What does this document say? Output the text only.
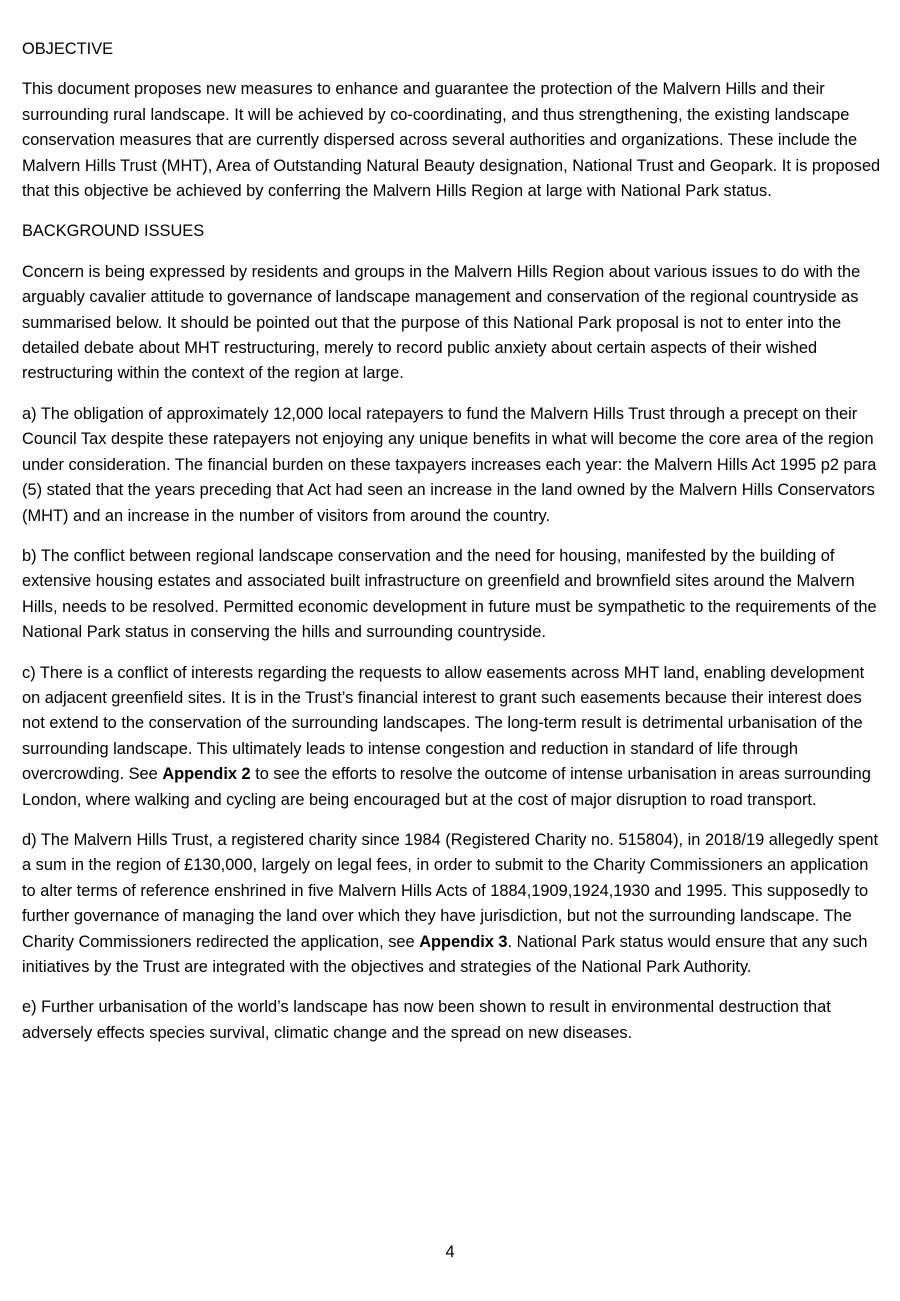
OBJECTIVE

This document proposes new measures to enhance and guarantee the protection of the Malvern Hills and their surrounding rural landscape. It will be achieved by co-coordinating, and thus strengthening, the existing landscape conservation measures that are currently dispersed across several authorities and organizations. These include the Malvern Hills Trust (MHT), Area of Outstanding Natural Beauty designation, National Trust and Geopark. It is proposed that this objective be achieved by conferring the Malvern Hills Region at large with National Park status.

BACKGROUND ISSUES

Concern is being expressed by residents and groups in the Malvern Hills Region about various issues to do with the arguably cavalier attitude to governance of landscape management and conservation of the regional countryside as summarised below. It should be pointed out that the purpose of this National Park proposal is not to enter into the detailed debate about MHT restructuring, merely to record public anxiety about certain aspects of their wished restructuring within the context of the region at large.

a) The obligation of approximately 12,000 local ratepayers to fund the Malvern Hills Trust through a precept on their Council Tax despite these ratepayers not enjoying any unique benefits in what will become the core area of the region under consideration. The financial burden on these taxpayers increases each year: the Malvern Hills Act 1995 p2 para (5) stated that the years preceding that Act had seen an increase in the land owned by the Malvern Hills Conservators (MHT) and an increase in the number of visitors from around the country.

b) The conflict between regional landscape conservation and the need for housing, manifested by the building of extensive housing estates and associated built infrastructure on greenfield and brownfield sites around the Malvern Hills, needs to be resolved. Permitted economic development in future must be sympathetic to the requirements of the National Park status in conserving the hills and surrounding countryside.

c) There is a conflict of interests regarding the requests to allow easements across MHT land, enabling development on adjacent greenfield sites. It is in the Trust’s financial interest to grant such easements because their interest does not extend to the conservation of the surrounding landscapes. The long-term result is detrimental urbanisation of the surrounding landscape. This ultimately leads to intense congestion and reduction in standard of life through overcrowding. See Appendix 2 to see the efforts to resolve the outcome of intense urbanisation in areas surrounding London, where walking and cycling are being encouraged but at the cost of major disruption to road transport.

d) The Malvern Hills Trust, a registered charity since 1984 (Registered Charity no. 515804), in 2018/19 allegedly spent a sum in the region of £130,000, largely on legal fees, in order to submit to the Charity Commissioners an application to alter terms of reference enshrined in five Malvern Hills Acts of 1884,1909,1924,1930 and 1995. This supposedly to further governance of managing the land over which they have jurisdiction, but not the surrounding landscape. The Charity Commissioners redirected the application, see Appendix 3. National Park status would ensure that any such initiatives by the Trust are integrated with the objectives and strategies of the National Park Authority.

e) Further urbanisation of the world’s landscape has now been shown to result in environmental destruction that adversely effects species survival, climatic change and the spread on new diseases.

4
